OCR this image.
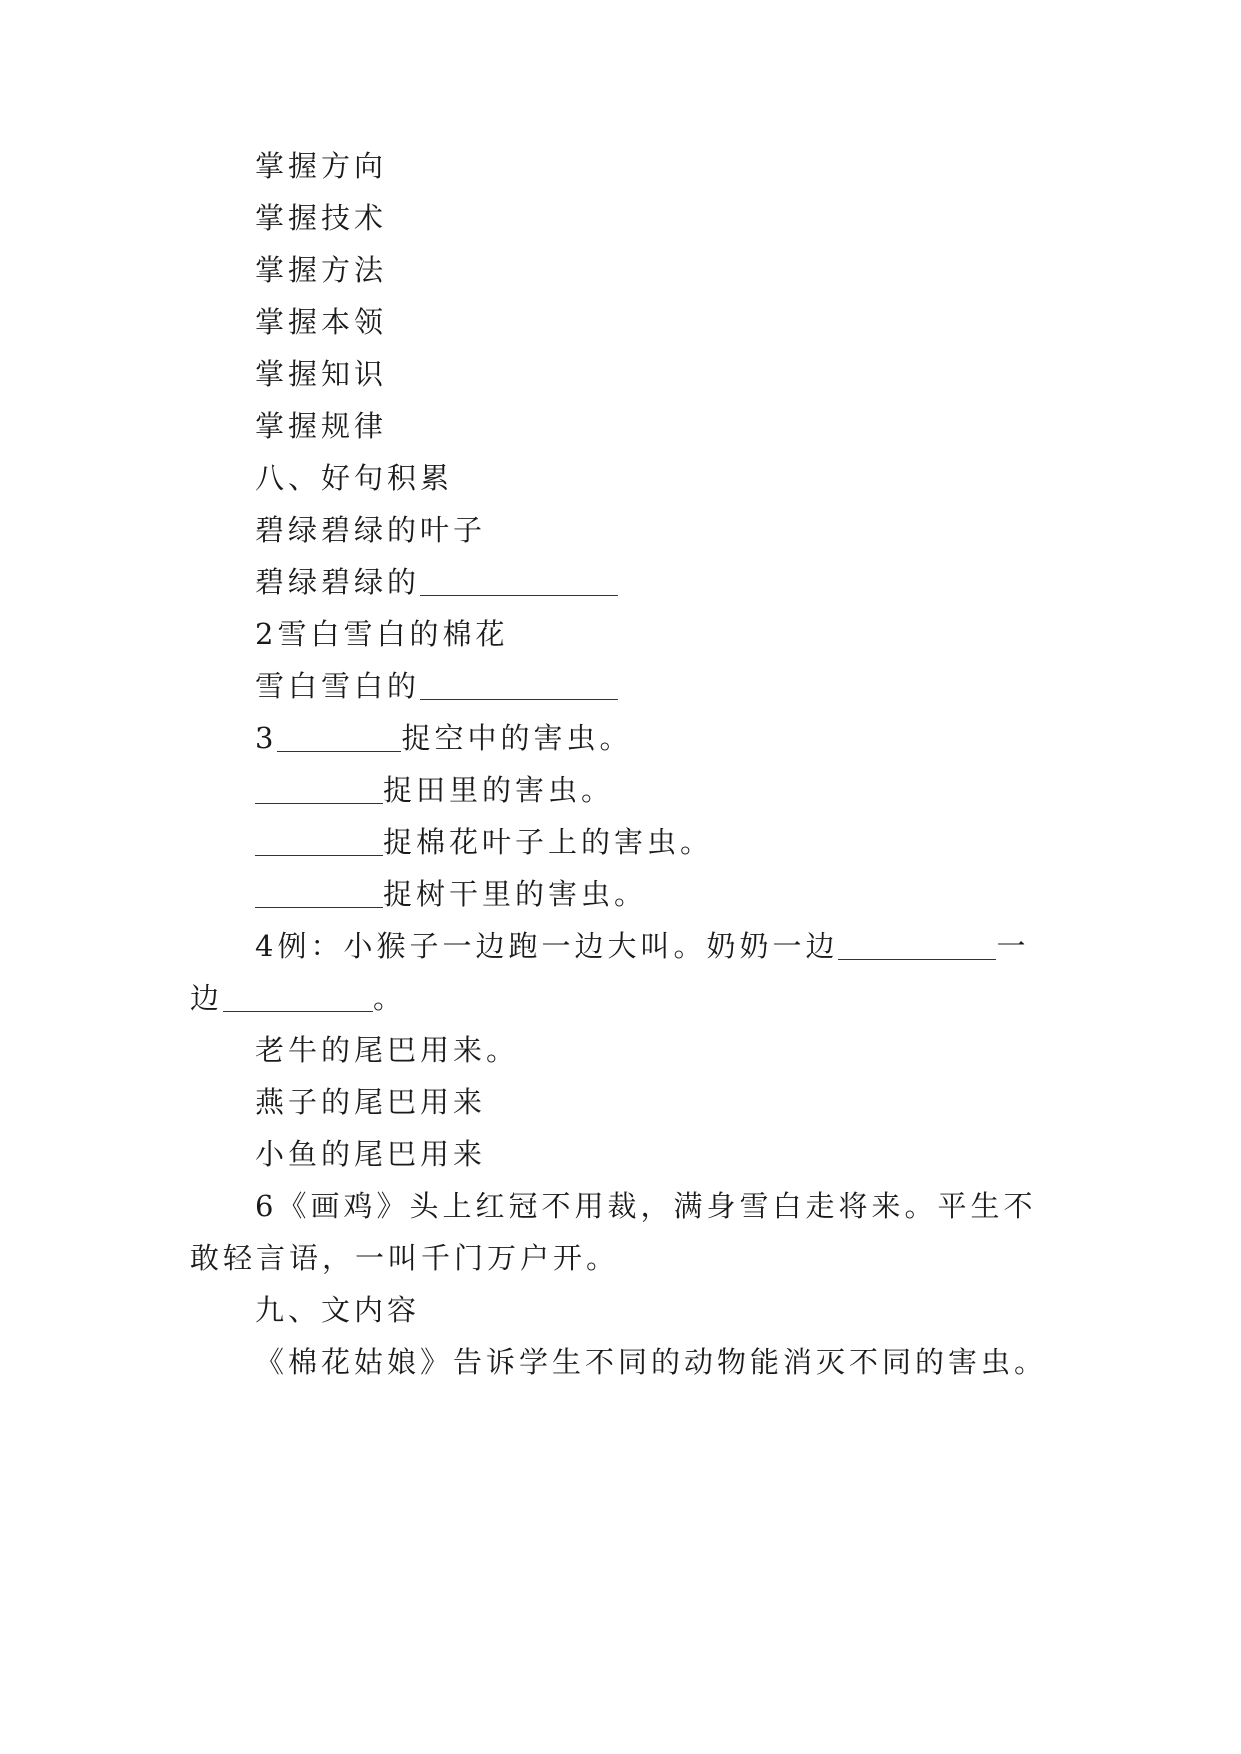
掌握方向
掌握技术
掌握方法
掌握本领
掌握知识
掌握规律
八、好句积累
碧绿碧绿的叶子
碧绿碧绿的
2雪白雪白的棉花
雪白雪白的
3	捉空中的害虫。
捉田里的害虫。
捉棉花叶子上的害虫。
捉树干里的害虫。
4例：小猴子一边跑一边大叫。奶奶一边	一
边	。
老牛的尾巴用来。
燕子的尾巴用来
小鱼的尾巴用来
6《画鸡》头上红冠不用裁，满身雪白走将来。平生不
敢轻言语，一叫千门万户开。
九、文内容
《棉花姑娘》告诉学生不同的动物能消灭不同的害虫。
